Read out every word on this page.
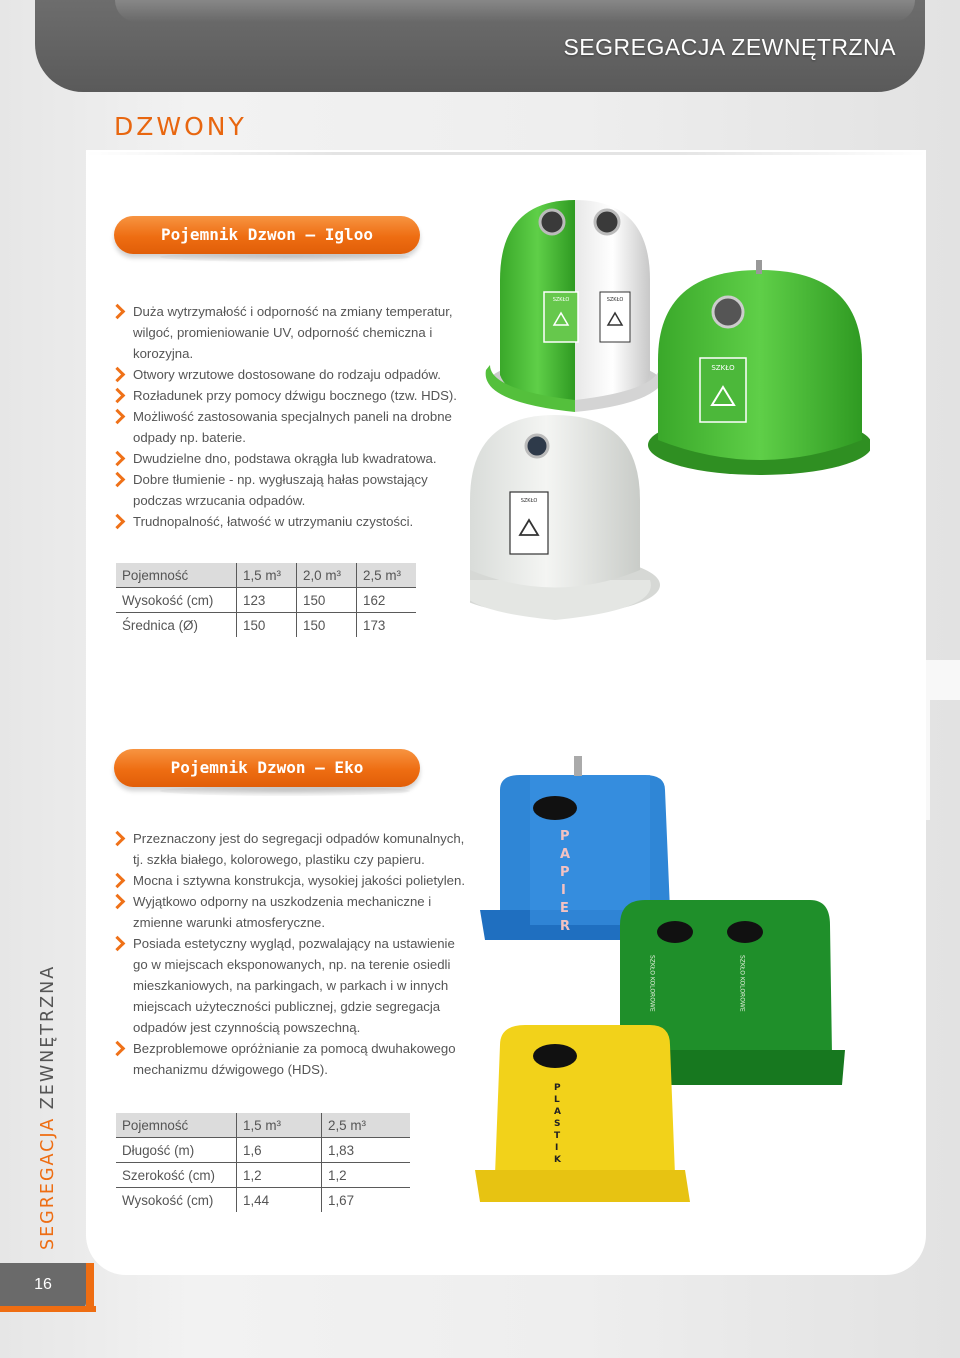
SEGREGACJA ZEWNĘTRZNA
DZWONY
Pojemnik Dzwon – Igloo
Duża wytrzymałość i odporność na zmiany temperatur, wilgoć, promieniowanie UV, odporność chemiczna i korozyjna.
Otwory wrzutowe dostosowane do rodzaju odpadów.
Rozładunek przy pomocy dźwigu bocznego (tzw. HDS).
Możliwość zastosowania specjalnych paneli na drobne odpady np. baterie.
Dwudzielne dno, podstawa okrągła lub kwadratowa.
Dobre tłumienie - np. wygłuszają hałas powstający podczas wrzucania odpadów.
Trudnopalność, łatwość w utrzymaniu czystości.
Pojemność	1,5 m³	2,0 m³	2,5 m³
Wysokość (cm)	123	150	162
Średnica (Ø)	150	150	173
SZKŁO	SZKŁO
SZKŁO
SZKŁO
Pojemnik Dzwon – Eko
Przeznaczony jest do segregacji odpadów komunalnych, tj. szkła białego, kolorowego, plastiku czy papieru.
Mocna i sztywna konstrukcja, wysokiej jakości polietylen.
Wyjątkowo odporny na uszkodzenia mechaniczne i zmienne warunki atmosferyczne.
Posiada estetyczny wygląd, pozwalający na ustawienie go w miejscach eksponowanych, np. na terenie osiedli mieszkaniowych, na parkingach, w parkach i w innych miejscach użyteczności publicznej, gdzie segregacja odpadów jest czynnością powszechną.
Bezproblemowe opróżnianie za pomocą dwuhakowego mechanizmu dźwigowego (HDS).
Pojemność	1,5 m³	2,5 m³
Długość (m)	1,6	1,83
Szerokość (cm)	1,2	1,2
Wysokość (cm)	1,44	1,67
P
A
P
I
E
R
SZKŁO KOLOROWE	SZKŁO KOLOROWE
P
L
A
S
T
I
K
SEGREGACJA ZEWNĘTRZNA
16
